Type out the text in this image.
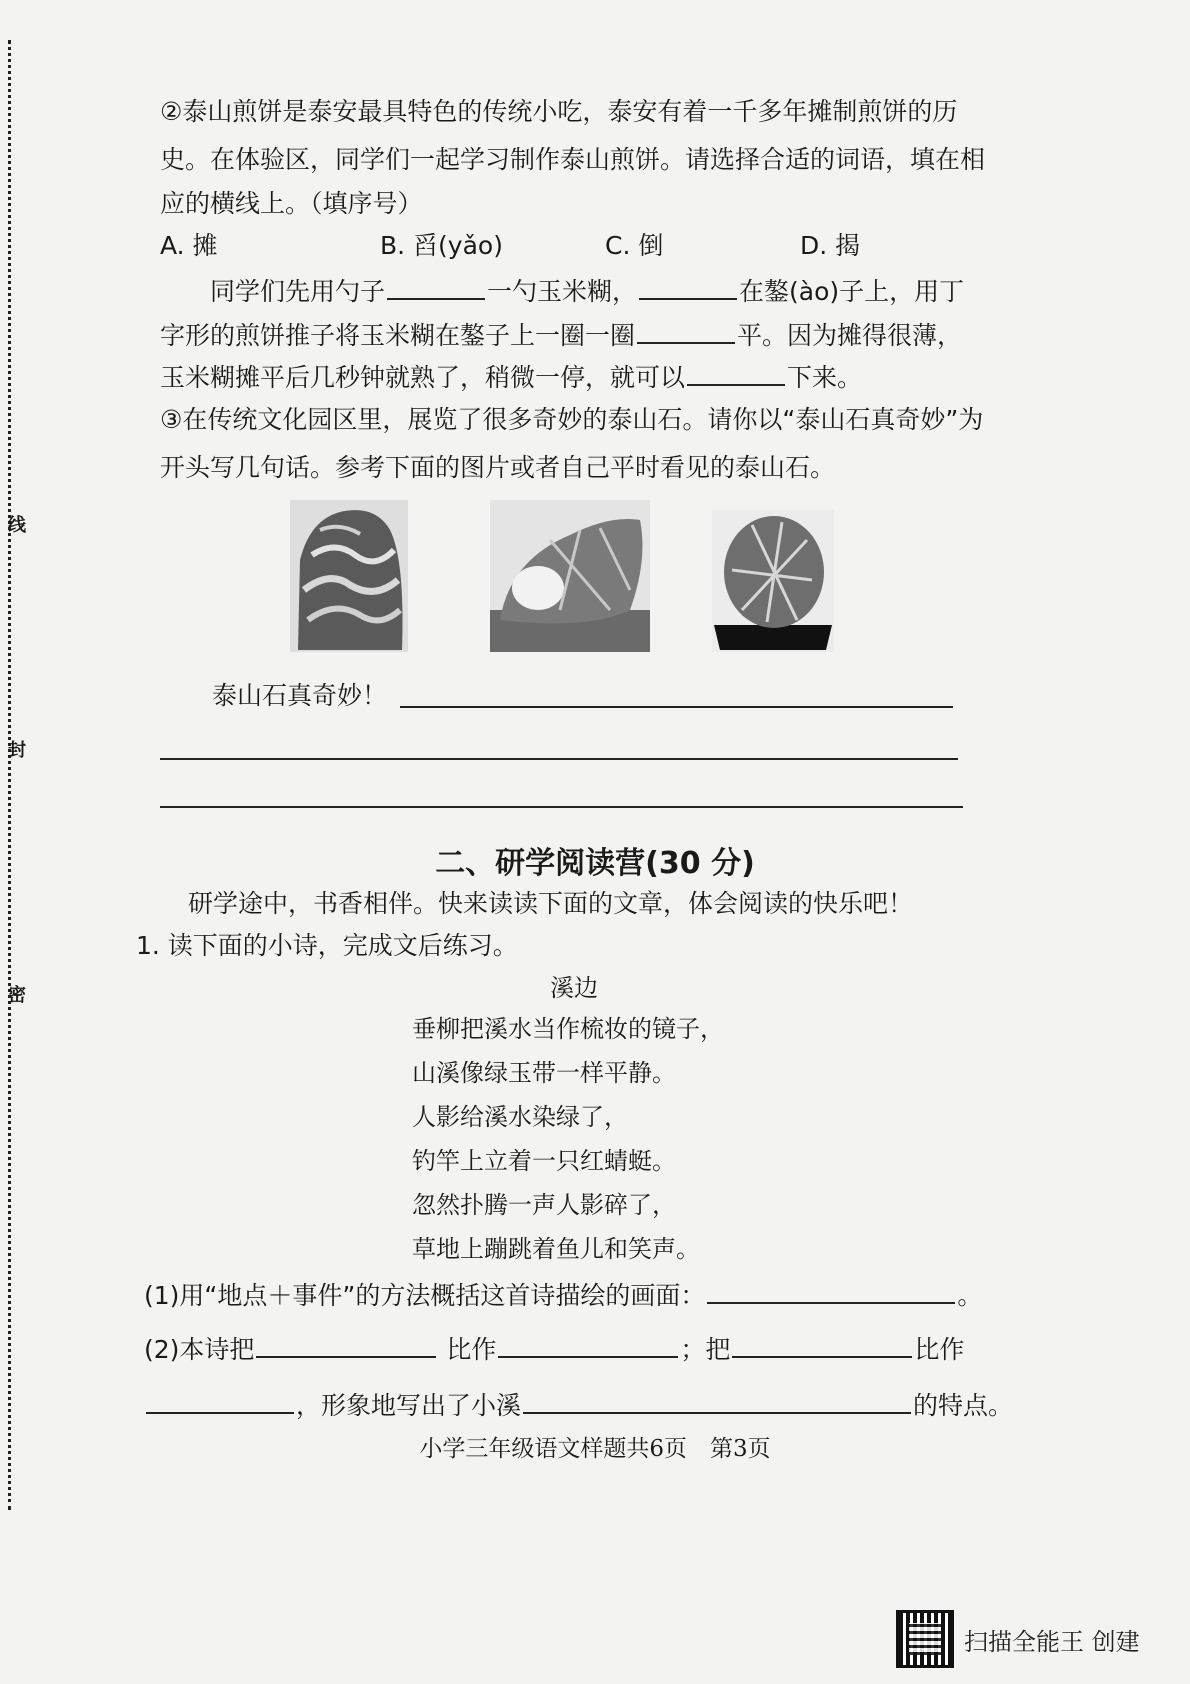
线
封
密
②泰山煎饼是泰安最具特色的传统小吃，泰安有着一千多年摊制煎饼的历
史。在体验区，同学们一起学习制作泰山煎饼。请选择合适的词语，填在相
应的横线上。（填序号）
A. 摊	B. 舀(yǎo)	C. 倒	D. 揭
同学们先用勺子	一勺玉米糊，	在鏊(ào)子上，用丁
字形的煎饼推子将玉米糊在鏊子上一圈一圈	平。因为摊得很薄，
玉米糊摊平后几秒钟就熟了，稍微一停，就可以	下来。
③在传统文化园区里，展览了很多奇妙的泰山石。请你以“泰山石真奇妙”为
开头写几句话。参考下面的图片或者自己平时看见的泰山石。
泰山石真奇妙！
二、研学阅读营(30 分)
研学途中，书香相伴。快来读读下面的文章，体会阅读的快乐吧！
1. 读下面的小诗，完成文后练习。
溪边
垂柳把溪水当作梳妆的镜子，
山溪像绿玉带一样平静。
人影给溪水染绿了，
钓竿上立着一只红蜻蜓。
忽然扑腾一声人影碎了，
草地上蹦跳着鱼儿和笑声。
(1)用“地点＋事件”的方法概括这首诗描绘的画面：	。
(2)本诗把	比作	；把	比作
，形象地写出了小溪	的特点。
小学三年级语文样题共6页　第3页
扫描全能王 创建
